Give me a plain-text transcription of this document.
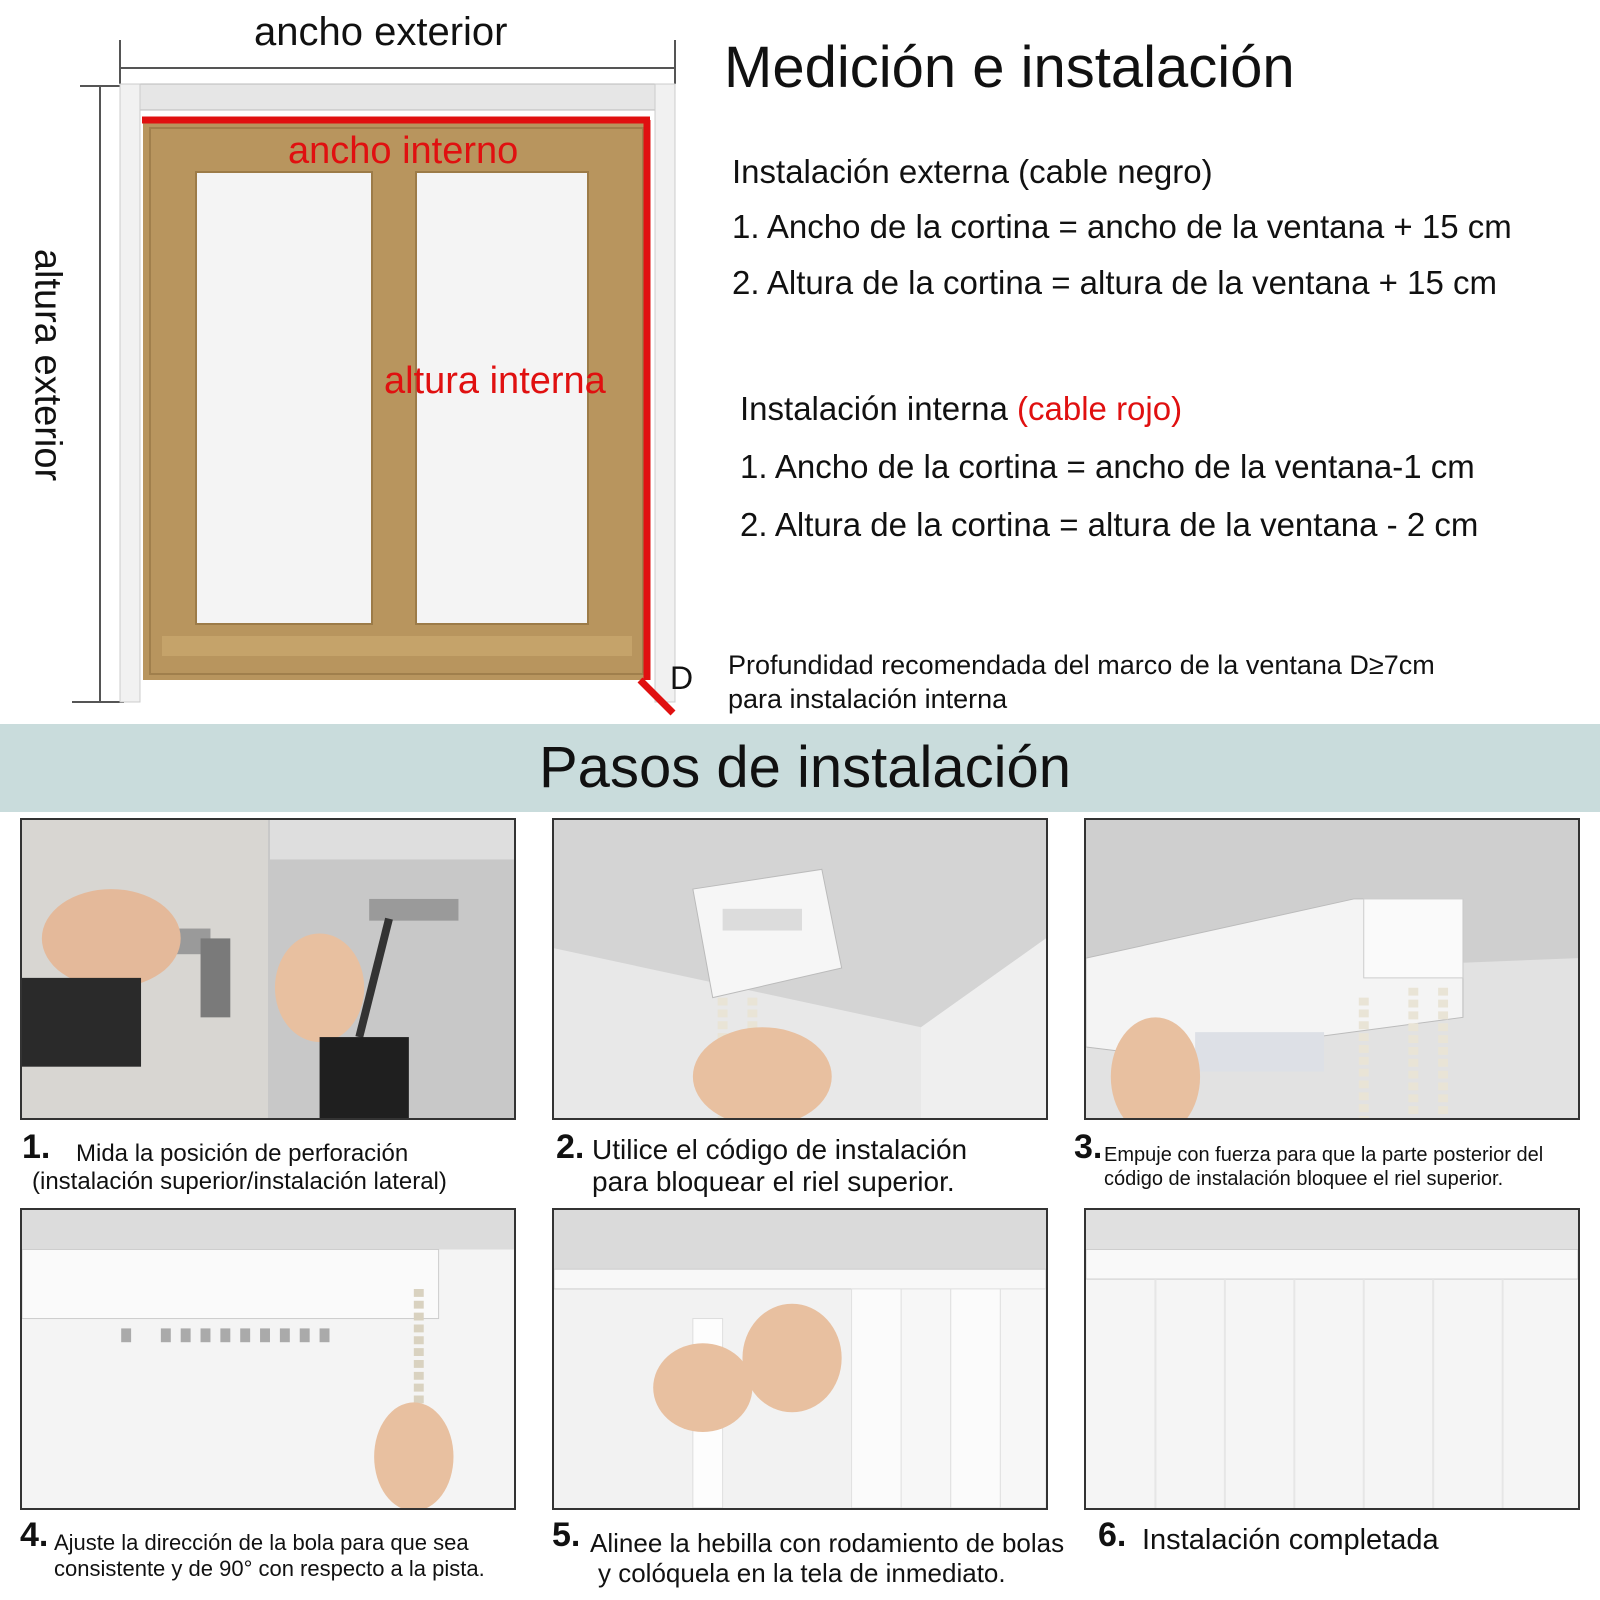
ancho exterior
altura exterior
ancho interno
altura interna
D
Medición e instalación
Instalación externa (cable negro)
1. Ancho de la cortina = ancho de la ventana + 15 cm
2. Altura de la cortina = altura de la ventana + 15 cm
Instalación interna (cable rojo)
1. Ancho de la cortina = ancho de la ventana-1 cm
2. Altura de la cortina = altura de la ventana - 2 cm
Profundidad recomendada del marco de la ventana D≥7cm
para instalación interna
Pasos de instalación
1. Mida la posición de perforación
(instalación superior/instalación lateral)
2. Utilice el código de instalación
para bloquear el riel superior.
3. Empuje con fuerza para que la parte posterior del
código de instalación bloquee el riel superior.
4. Ajuste la dirección de la bola para que sea
consistente y de 90° con respecto a la pista.
5. Alinee la hebilla con rodamiento de bolas
y colóquela en la tela de inmediato.
6. Instalación completada
